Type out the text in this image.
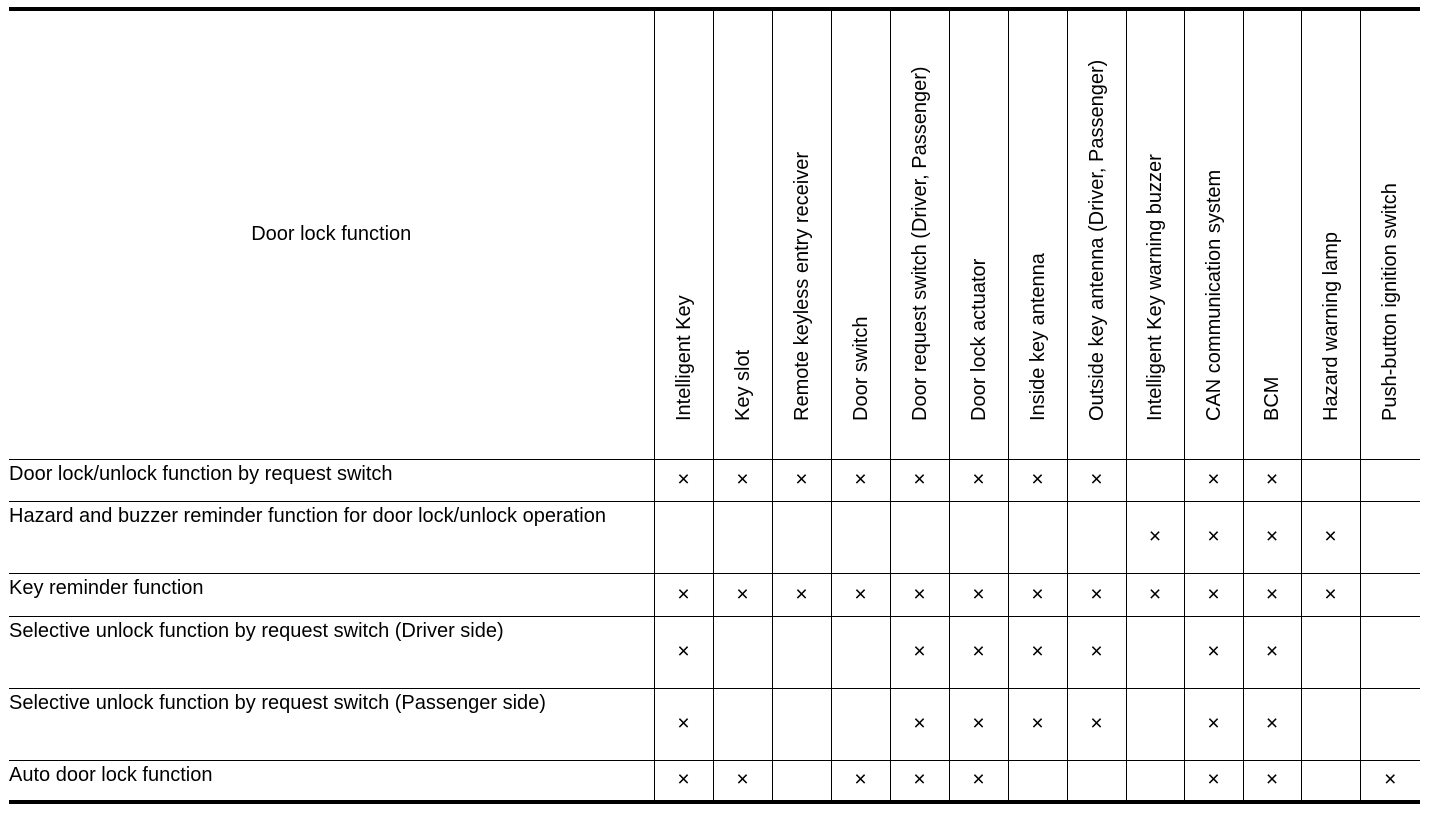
Door lock function	Intelligent Key	Key slot	Remote keyless entry receiver	Door switch	Door request switch (Driver, Passenger)	Door lock actuator	Inside key antenna	Outside key antenna (Driver, Passenger)	Intelligent Key warning buzzer	CAN communication system	BCM	Hazard warning lamp	Push-button ignition switch

Door lock/unlock function by request switch	×	×	×	×	×	×	×	×		×	×		
Hazard and buzzer reminder function for door lock/unlock operation									×	×	×	×	
Key reminder function	×	×	×	×	×	×	×	×	×	×	×	×	
Selective unlock function by request switch (Driver side)	×				×	×	×	×		×	×		
Selective unlock function by request switch (Passenger side)	×				×	×	×	×		×	×		
Auto door lock function	×	×		×	×	×				×	×		×
